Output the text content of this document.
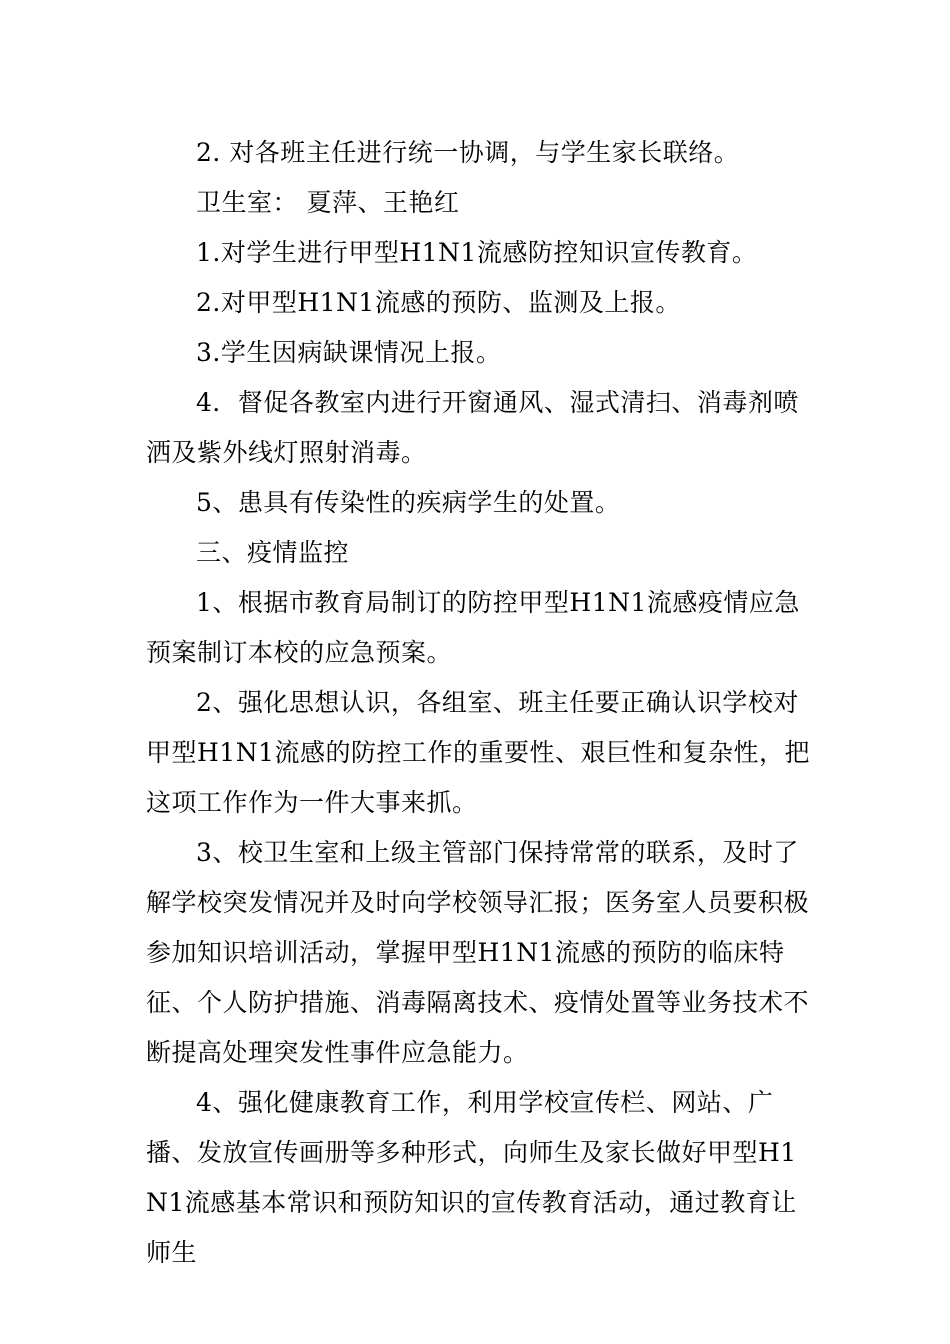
2. 对各班主任进行统一协调，与学生家长联络。

卫生室： 夏萍、王艳红

1.对学生进行甲型H1N1流感防控知识宣传教育。

2.对甲型H1N1流感的预防、监测及上报。

3.学生因病缺课情况上报。

4．督促各教室内进行开窗通风、湿式清扫、消毒剂喷洒及紫外线灯照射消毒。

5、患具有传染性的疾病学生的处置。

三、疫情监控

1、根据市教育局制订的防控甲型H1N1流感疫情应急预案制订本校的应急预案。

2、强化思想认识，各组室、班主任要正确认识学校对甲型H1N1流感的防控工作的重要性、艰巨性和复杂性，把这项工作作为一件大事来抓。

3、校卫生室和上级主管部门保持常常的联系，及时了解学校突发情况并及时向学校领导汇报；医务室人员要积极参加知识培训活动，掌握甲型H1N1流感的预防的临床特征、个人防护措施、消毒隔离技术、疫情处置等业务技术不断提高处理突发性事件应急能力。

4、强化健康教育工作，利用学校宣传栏、网站、广播、发放宣传画册等多种形式，向师生及家长做好甲型H1N1流感基本常识和预防知识的宣传教育活动，通过教育让师生
